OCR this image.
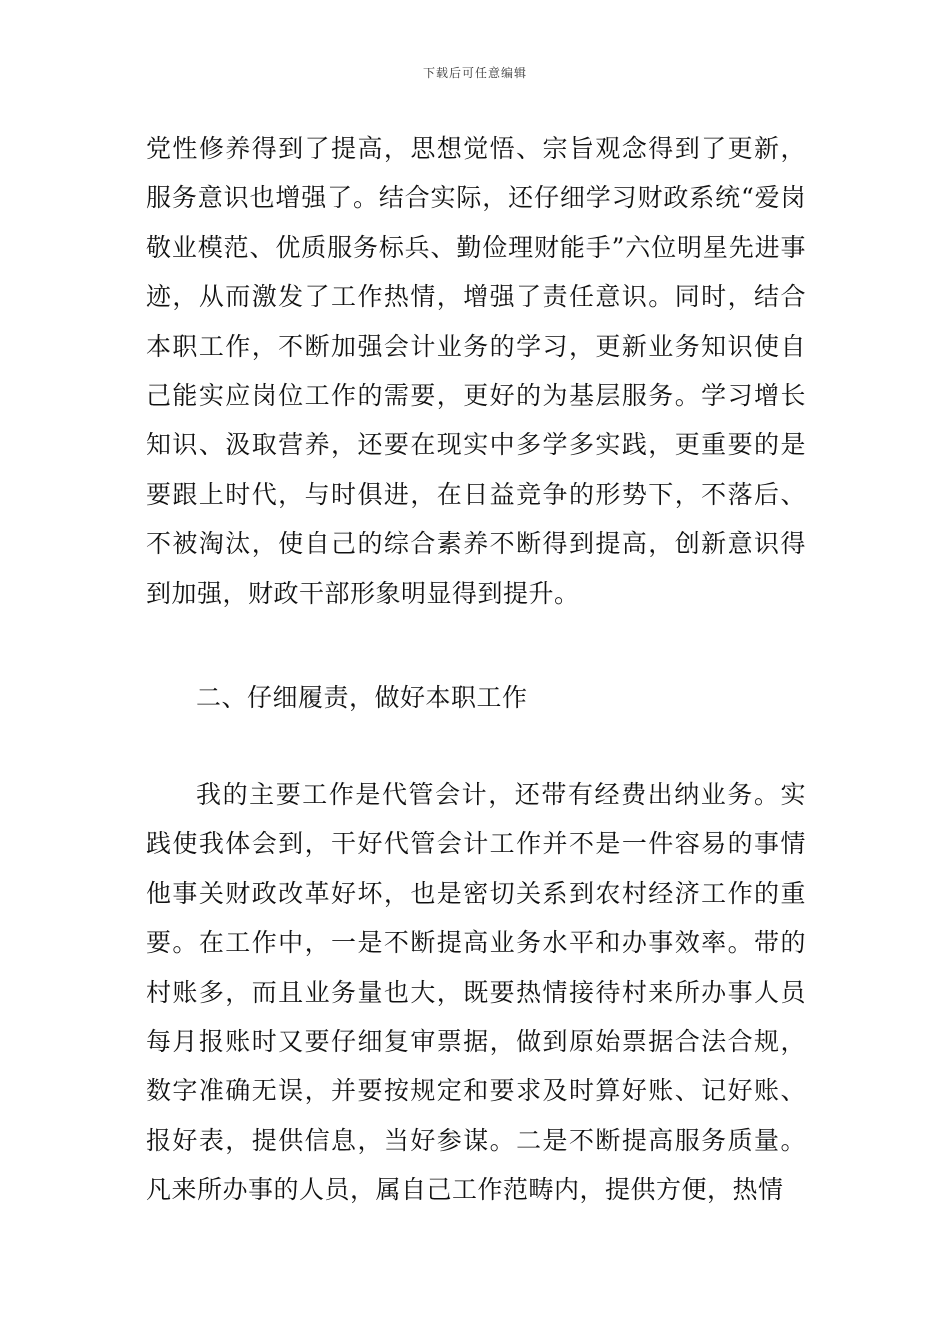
下载后可任意编辑

党性修养得到了提高，思想觉悟、宗旨观念得到了更新，服务意识也增强了。结合实际，还仔细学习财政系统“爱岗敬业模范、优质服务标兵、勤俭理财能手”六位明星先进事迹，从而激发了工作热情，增强了责任意识。同时，结合本职工作，不断加强会计业务的学习，更新业务知识使自己能实应岗位工作的需要，更好的为基层服务。学习增长知识、汲取营养，还要在现实中多学多实践，更重要的是要跟上时代，与时俱进，在日益竞争的形势下，不落后、不被淘汰，使自己的综合素养不断得到提高，创新意识得到加强，财政干部形象明显得到提升。

二、仔细履责，做好本职工作

我的主要工作是代管会计，还带有经费出纳业务。实践使我体会到，干好代管会计工作并不是一件容易的事情他事关财政改革好坏，也是密切关系到农村经济工作的重要。在工作中，一是不断提高业务水平和办事效率。带的村账多，而且业务量也大，既要热情接待村来所办事人员每月报账时又要仔细复审票据，做到原始票据合法合规，数字准确无误，并要按规定和要求及时算好账、记好账、报好表，提供信息，当好参谋。二是不断提高服务质量。凡来所办事的人员，属自己工作范畴内，提供方便，热情
